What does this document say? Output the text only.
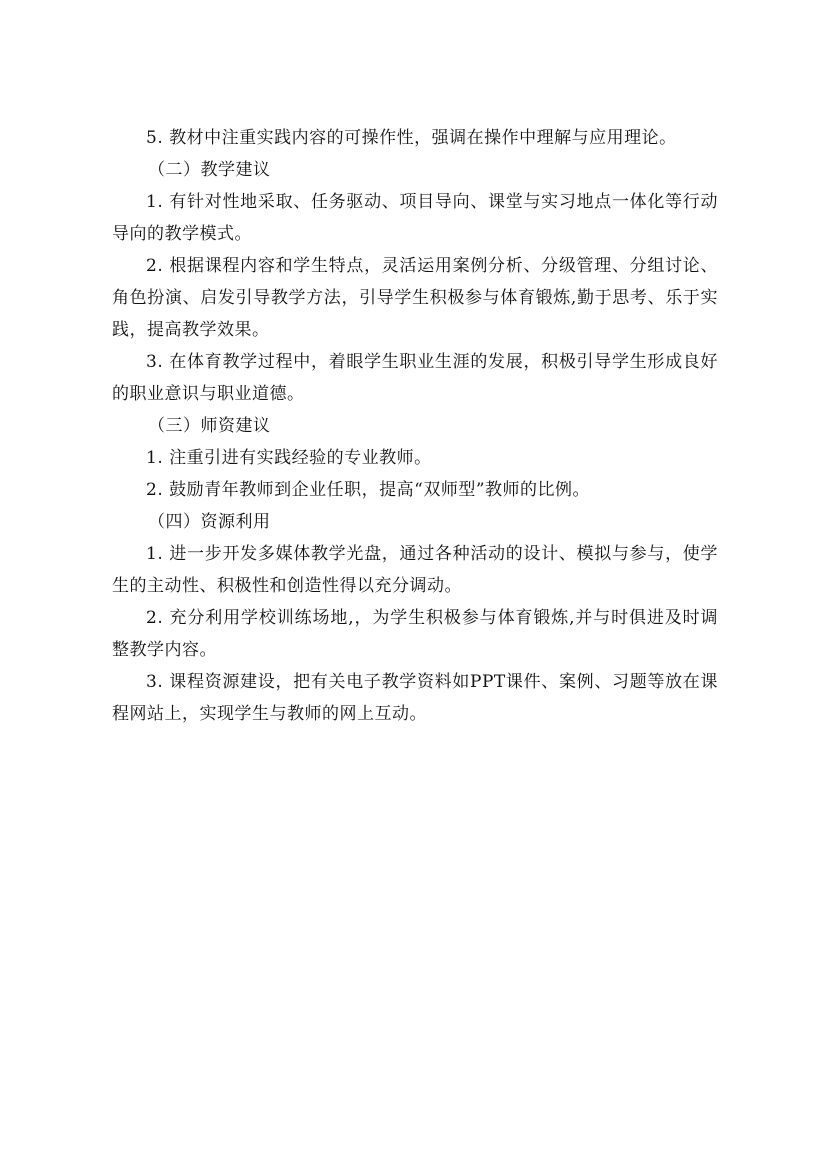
5. 教材中注重实践内容的可操作性，强调在操作中理解与应用理论。

（二）教学建议

1. 有针对性地采取、任务驱动、项目导向、课堂与实习地点一体化等行动导向的教学模式。

2. 根据课程内容和学生特点，灵活运用案例分析、分级管理、分组讨论、角色扮演、启发引导教学方法，引导学生积极参与体育锻炼,勤于思考、乐于实践，提高教学效果。

3. 在体育教学过程中，着眼学生职业生涯的发展，积极引导学生形成良好的职业意识与职业道德。

（三）师资建议

1. 注重引进有实践经验的专业教师。

2. 鼓励青年教师到企业任职，提高“双师型”教师的比例。

（四）资源利用

1. 进一步开发多媒体教学光盘，通过各种活动的设计、模拟与参与，使学生的主动性、积极性和创造性得以充分调动。

2. 充分利用学校训练场地,，为学生积极参与体育锻炼,并与时俱进及时调整教学内容。

3. 课程资源建设，把有关电子教学资料如PPT课件、案例、习题等放在课程网站上，实现学生与教师的网上互动。
